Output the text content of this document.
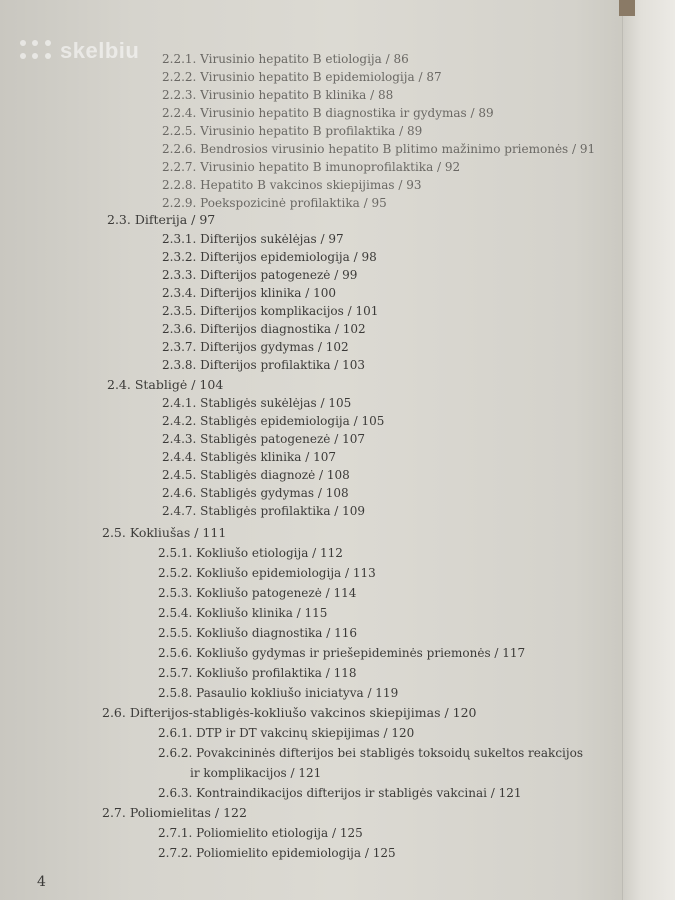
skelbiu 2.2.1. Virusinio hepatito B etiologija / 86
2.2.2. Virusinio hepatito B epidemiologija / 87
2.2.3. Virusinio hepatito B klinika / 88
2.2.4. Virusinio hepatito B diagnostika ir gydymas / 89
2.2.5. Virusinio hepatito B profilaktika / 89
2.2.6. Bendrosios virusinio hepatito B plitimo mažinimo priemonės / 91
2.2.7. Virusinio hepatito B imunoprofilaktika / 92
2.2.8. Hepatito B vakcinos skiepijimas / 93
2.2.9. Poekspozicinė profilaktika / 95
2.3. Difterija / 97
2.3.1. Difterijos sukėlėjas / 97
2.3.2. Difterijos epidemiologija / 98
2.3.3. Difterijos patogenezė / 99
2.3.4. Difterijos klinika / 100
2.3.5. Difterijos komplikacijos / 101
2.3.6. Difterijos diagnostika / 102
2.3.7. Difterijos gydymas / 102
2.3.8. Difterijos profilaktika / 103
2.4. Stabligė / 104
2.4.1. Stabligės sukėlėjas / 105
2.4.2. Stabligės epidemiologija / 105
2.4.3. Stabligės patogenezė / 107
2.4.4. Stabligės klinika / 107
2.4.5. Stabligės diagnozė / 108
2.4.6. Stabligės gydymas / 108
2.4.7. Stabligės profilaktika / 109
2.5. Kokliušas / 111
2.5.1. Kokliušo etiologija / 112
2.5.2. Kokliušo epidemiologija / 113
2.5.3. Kokliušo patogenezė / 114
2.5.4. Kokliušo klinika / 115
2.5.5. Kokliušo diagnostika / 116
2.5.6. Kokliušo gydymas ir priešepideminės priemonės / 117
2.5.7. Kokliušo profilaktika / 118
2.5.8. Pasaulio kokliušo iniciatyva / 119
2.6. Difterijos-stabligės-kokliušo vakcinos skiepijimas / 120
2.6.1. DTP ir DT vakcinų skiepijimas / 120
2.6.2. Povakcininės difterijos bei stabligės toksoidų sukeltos reakcijos
ir komplikacijos / 121
2.6.3. Kontraindikacijos difterijos ir stabligės vakcinai / 121
2.7. Poliomielitas / 122
2.7.1. Poliomielito etiologija / 125
2.7.2. Poliomielito epidemiologija / 125
4
